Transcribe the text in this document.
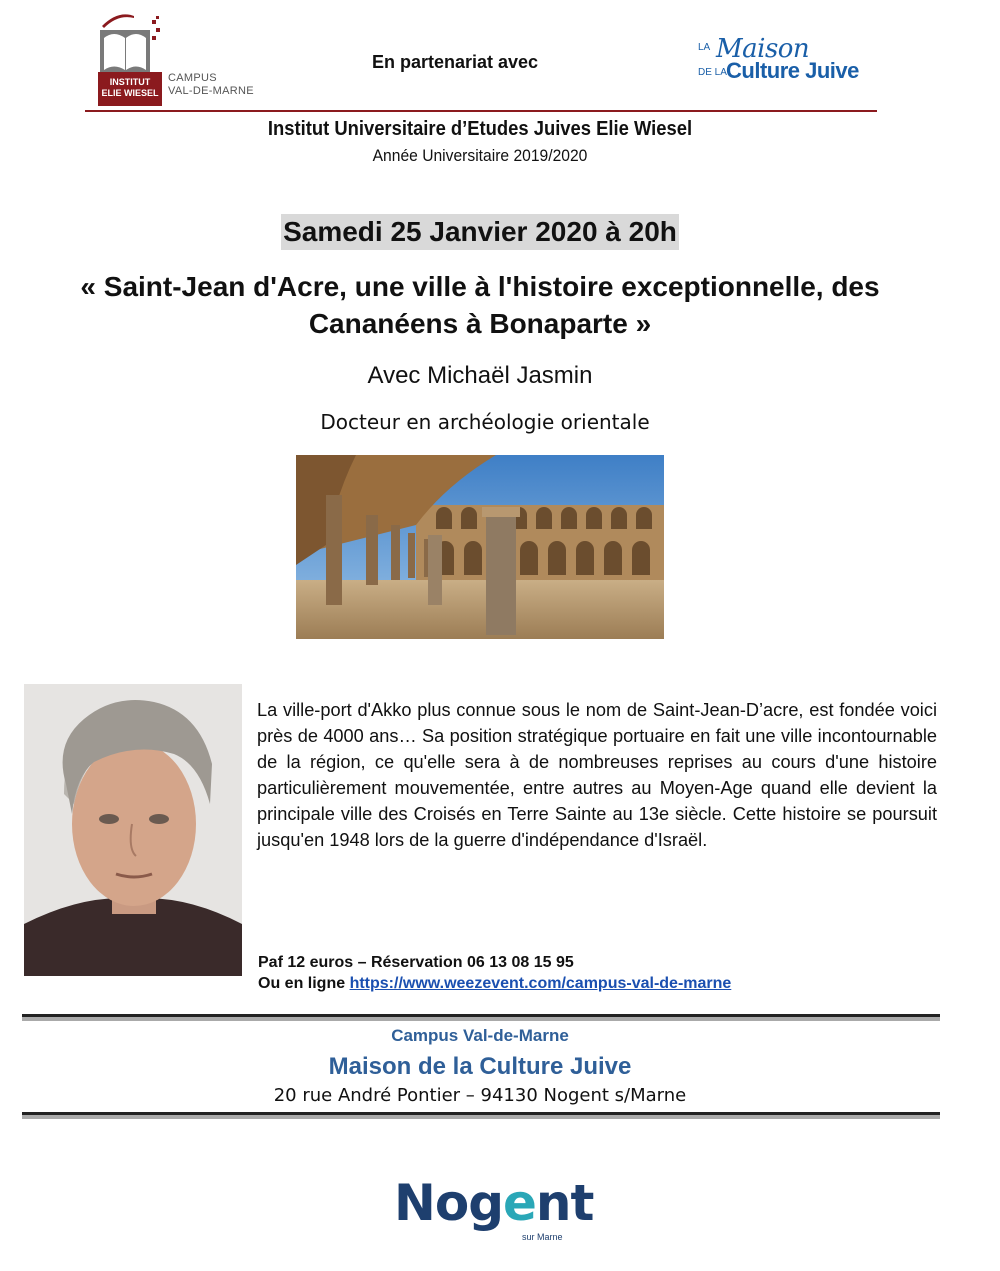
INSTITUT
ELIE WIESEL
CAMPUS
VAL-DE-MARNE
En partenariat avec
LA Maison
DE LA Culture Juive
Institut Universitaire d’Etudes Juives Elie Wiesel
Année Universitaire 2019/2020
Samedi 25 Janvier 2020 à 20h
« Saint-Jean d'Acre, une ville à l'histoire exceptionnelle, des Cananéens à Bonaparte »
Avec Michaël Jasmin
Docteur en archéologie orientale
La ville-port d'Akko plus connue sous le nom de Saint-Jean-D’acre, est fondée voici près de 4000 ans… Sa position stratégique portuaire en fait une ville incontournable de la région, ce qu'elle sera à de nombreuses reprises au cours d'une histoire particulièrement mouvementée, entre autres au Moyen-Age quand elle devient la principale ville des Croisés en Terre Sainte au 13e siècle. Cette histoire se poursuit jusqu'en 1948 lors de la guerre d'indépendance d'Israël.
Paf 12 euros – Réservation 06 13 08 15 95
Ou en ligne https://www.weezevent.com/campus-val-de-marne
Campus Val-de-Marne
Maison de la Culture Juive
20 rue André Pontier – 94130 Nogent s/Marne
Nogent
sur Marne
